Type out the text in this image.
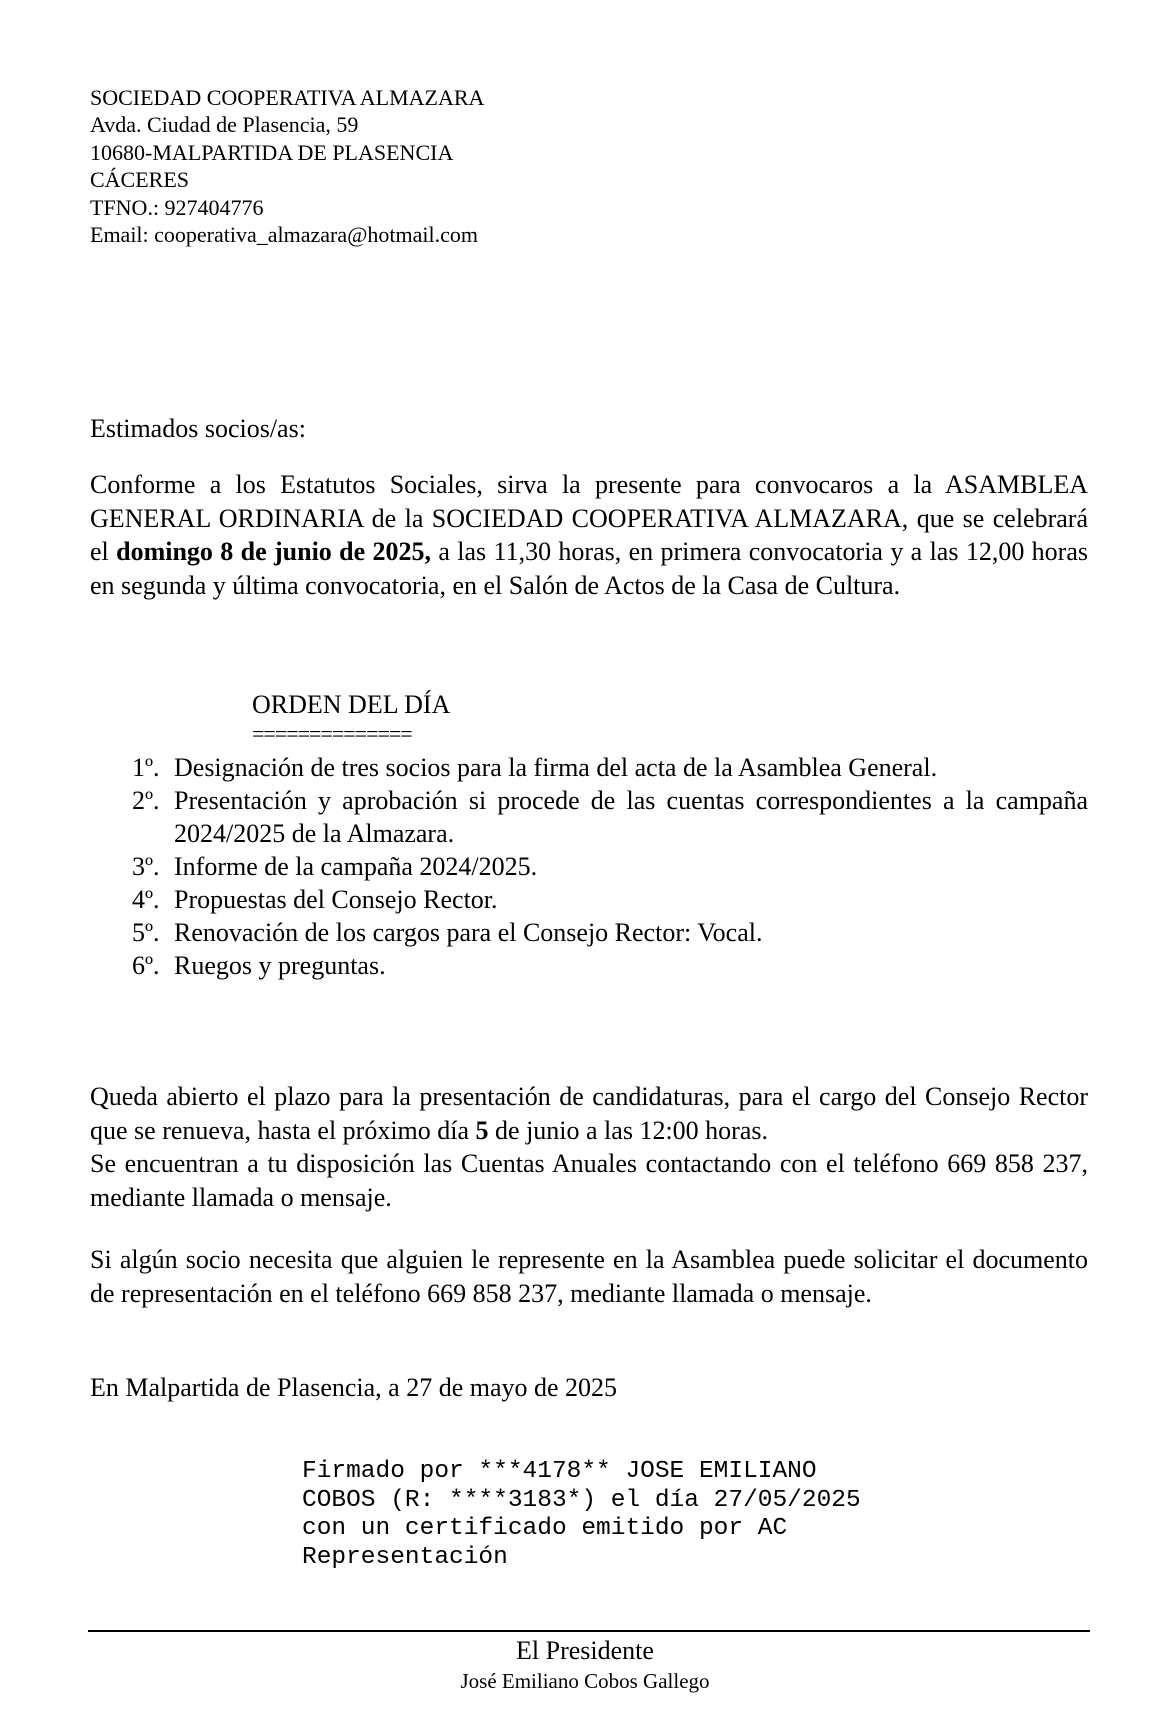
SOCIEDAD COOPERATIVA ALMAZARA
Avda. Ciudad de Plasencia, 59
10680-MALPARTIDA DE PLASENCIA
CÁCERES
TFNO.: 927404776
Email: cooperativa_almazara@hotmail.com
Estimados socios/as:
Conforme a los Estatutos Sociales, sirva la presente para convocaros a la ASAMBLEA GENERAL ORDINARIA de la SOCIEDAD COOPERATIVA ALMAZARA, que se celebrará el domingo 8 de junio de 2025, a las 11,30 horas, en primera convocatoria y a las 12,00 horas en segunda y última convocatoria, en el Salón de Actos de la Casa de Cultura.
ORDEN DEL DÍA
==============
1º. Designación de tres socios para la firma del acta de la Asamblea General.
2º. Presentación y aprobación si procede de las cuentas correspondientes a la campaña 2024/2025 de la Almazara.
3º. Informe de la campaña 2024/2025.
4º. Propuestas del Consejo Rector.
5º. Renovación de los cargos para el Consejo Rector: Vocal.
6º. Ruegos y preguntas.
Queda abierto el plazo para la presentación de candidaturas, para el cargo del Consejo Rector que se renueva, hasta el próximo día 5 de junio a las 12:00 horas.
Se encuentran a tu disposición las Cuentas Anuales contactando con el teléfono 669 858 237, mediante llamada o mensaje.
Si algún socio necesita que alguien le represente en la Asamblea puede solicitar el documento de representación en el teléfono 669 858 237, mediante llamada o mensaje.
En Malpartida de Plasencia, a 27 de mayo de 2025
Firmado por ***4178** JOSE EMILIANO
COBOS (R: ****3183*) el día 27/05/2025
con un certificado emitido por AC
Representación
El Presidente
José Emiliano Cobos Gallego
